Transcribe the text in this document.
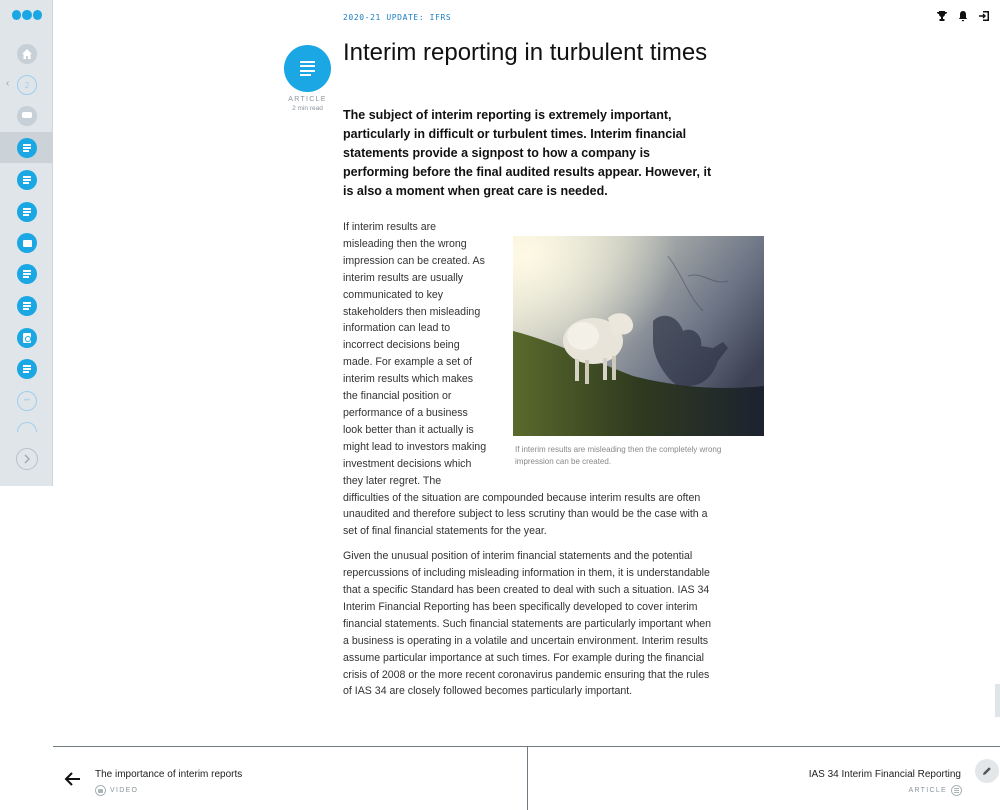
‹ 2
•••
2020-21 UPDATE: IFRS
ARTICLE
2 min read
Interim reporting in turbulent times

The subject of interim reporting is extremely important, particularly in difficult or turbulent times. Interim financial statements provide a signpost to how a company is performing before the final audited results appear. However, it is also a moment when great care is needed.

If interim results are misleading then the wrong impression can be created. As interim results are usually communicated to key stakeholders then misleading information can lead to incorrect decisions being made. For example a set of interim results which makes the financial position or performance of a business look better than it actually is might lead to investors making investment decisions which they later regret. The difficulties of the situation are compounded because interim results are often unaudited and therefore subject to less scrutiny than would be the case with a set of final financial statements for the year.

Given the unusual position of interim financial statements and the potential repercussions of including misleading information in them, it is understandable that a specific Standard has been created to deal with such a situation. IAS 34 Interim Financial Reporting has been specifically developed to cover interim financial statements. Such financial statements are particularly important when a business is operating in a volatile and uncertain environment. Interim results assume particular importance at such times. For example during the financial crisis of 2008 or the more recent coronavirus pandemic ensuring that the rules of IAS 34 are closely followed becomes particularly important.

If interim results are misleading then the completely wrong impression can be created.
The importance of interim reports
VIDEO
IAS 34 Interim Financial Reporting
ARTICLE
